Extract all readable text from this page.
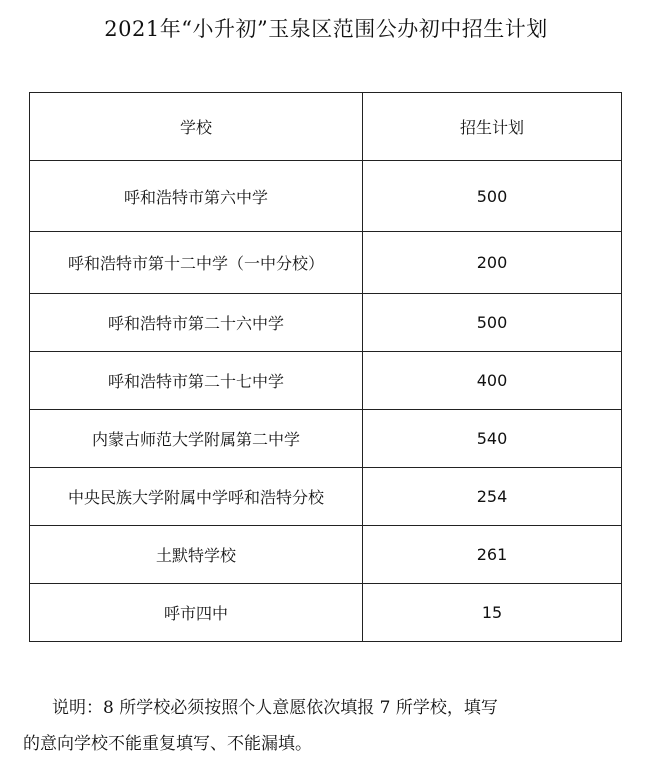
2021年“小升初”玉泉区范围公办初中招生计划
学校	招生计划
呼和浩特市第六中学	500
呼和浩特市第十二中学（一中分校）	200
呼和浩特市第二十六中学	500
呼和浩特市第二十七中学	400
内蒙古师范大学附属第二中学	540
中央民族大学附属中学呼和浩特分校	254
土默特学校	261
呼市四中	15
说明：8 所学校必须按照个人意愿依次填报 7 所学校，填写
的意向学校不能重复填写、不能漏填。
